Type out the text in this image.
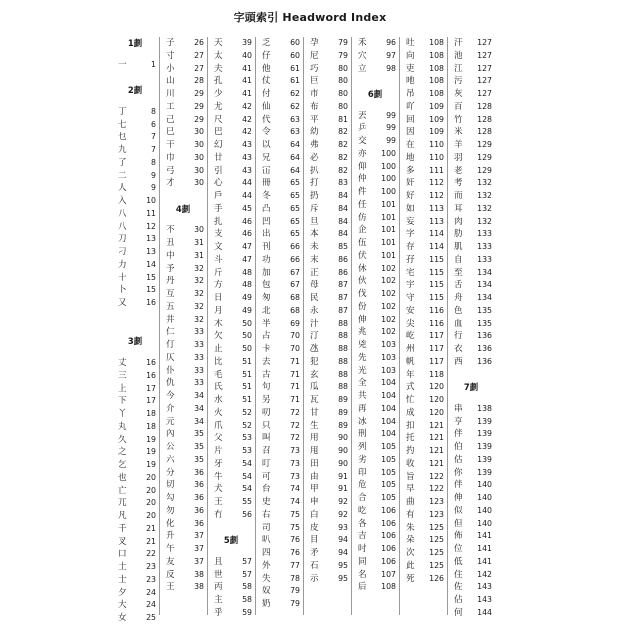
字頭索引 Headword Index
1劃
一	1
2劃
丁	8
七	6
乜	7
九	7
了	8
二	9
人	9
入 10
八 11
八 12
刀 13
刁 13
力 14
十 15
卜 15
又 16
3劃
丈 16
三 16
上 17
下 17
丫 18
丸 18
久 19
之 19
乞 19
也 20
亡 20
兀 20
凡 20
千 21
叉 21
口 22
土 23
士 23
夕 24
大 24
女 25
子 26
寸 27
小 27
山 28
川 29
工 29
己 29
巳 30
干 30
巾 30
弓 30
才 30
4劃
不 30
丑 31
中 31
予 32
丹 32
互 32
五 32
井 32
仁 33
仃 33
仄 33
仆 33
仇 33
今 34
介 34
元 34
內 35
公 35
六 35
分 36
切 36
勾 36
勿 36
化 36
升 37
午 37
友 37
反 38
王 38
天 39
太 40
夫 41
孔 41
少 41
尤 42
尺 42
巴 42
幻 43
廿 43
引 43
心 44
戶 44
手 45
扎 46
支 46
文 47
斗 47
斤 48
方 48
日 49
月 49
木 50
欠 50
止 50
比 51
毛 51
氏 51
水 51
火 52
爪 52
父 53
片 53
牙 54
牛 54
犬 54
王 55
冇 56
5劃
且 57
世 57
丙 58
主 58
乎 59
乏 60
仔 60
他 61
仗 61
付 62
仙 62
代 63
令 63
以 64
兄 64
冚 64
冊 65
冬 65
凸 65
凹 65
出 65
刊 66
功 66
加 67
包 67
匆 68
北 68
半 69
占 70
卡 70
去 71
古 71
句 71
另 71
叨 72
只 72
叫 72
召 73
叮 73
可 73
台 74
史 74
右 75
司 75
叭 76
四 76
外 77
失 78
奴 79
奶 79
孕 79
尼 79
巧 80
巨 80
市 80
布 80
平 81
幼 82
弗 82
必 82
扒 82
打 83
扔 84
斥 84
旦 84
本 84
未 85
末 86
正 86
母 87
民 87
永 87
汁 88
汀 88
氹 88
犯 88
玄 88
瓜 88
瓦 89
甘 89
生 89
用 90
甩 90
田 90
由 91
甲 91
申 92
白 92
皮 93
目 94
矛 94
石 95
示 95
禾 96
穴 97
立 98
6劃
丟 99
乒 99
交 99
亦 100
仰 100
仲 100
件 100
任 101
仿 101
企 101
伍 101
伏 101
休 102
伙 102
伐 102
份 102
伸 102
兆 102
兇 103
先 103
光 103
全 104
共 104
再 104
冰 104
刑 104
列 105
劣 105
印 105
危 105
合 105
吃 106
各 106
吉 106
吋 106
同 106
名 107
后 108
吐 108
向 108
吏 108
吔 108
吊 108
吖 109
回 109
因 109
在 110
地 110
多 111
奸 112
好 112
如 113
妄 113
字 114
存 114
孖 115
宅 115
宇 115
守 115
安 116
尖 116
屹 117
州 117
帆 117
年 118
式 120
忙 120
成 120
扣 121
托 121
扚 121
收 121
旨 122
早 122
曲 123
有 123
朱 125
朵 125
次 125
此 125
死 126
汗 127
池 127
江 127
污 127
灰 127
百 128
竹 128
米 128
羊 129
羽 129
老 129
考 132
而 132
耳 132
肉 132
肋 133
肌 133
自 133
至 134
舌 134
舟 134
色 135
血 135
行 136
衣 136
西 136
7劃
串 138
亨 139
伴 139
伯 139
估 139
你 139
伴 140
伸 140
似 140
但 140
佈 141
位 141
低 141
住 142
佐 143
佔 143
何 144
